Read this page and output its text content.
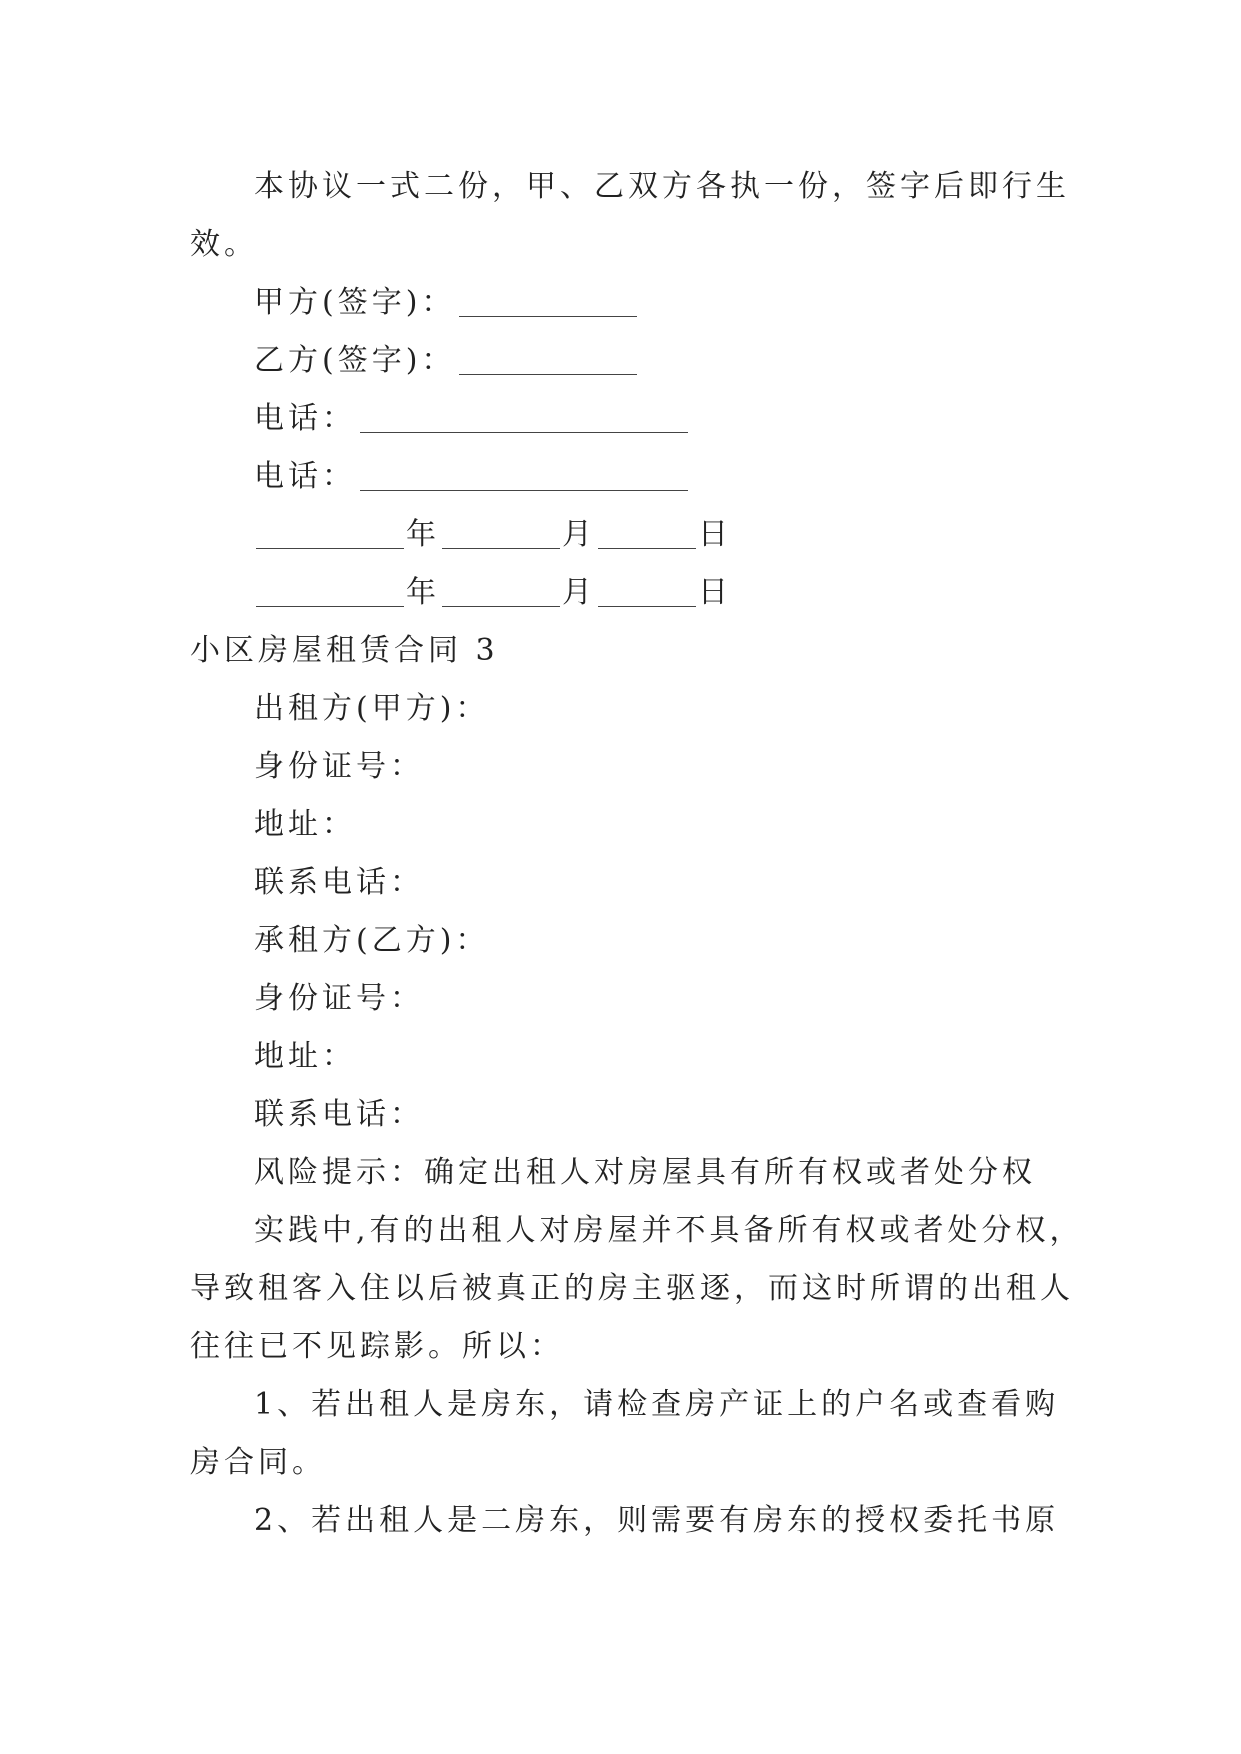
本协议一式二份，甲、乙双方各执一份，签字后即行生
效。
甲方(签字)：
乙方(签字)：
电话：
电话：
年	月	日
年	月	日
小区房屋租赁合同 3
出租方(甲方)：
身份证号：
地址：
联系电话：
承租方(乙方)：
身份证号：
地址：
联系电话：
风险提示：确定出租人对房屋具有所有权或者处分权
实践中,有的出租人对房屋并不具备所有权或者处分权，
导致租客入住以后被真正的房主驱逐，而这时所谓的出租人
往往已不见踪影。所以：
1、若出租人是房东，请检查房产证上的户名或查看购
房合同。
2、若出租人是二房东，则需要有房东的授权委托书原
